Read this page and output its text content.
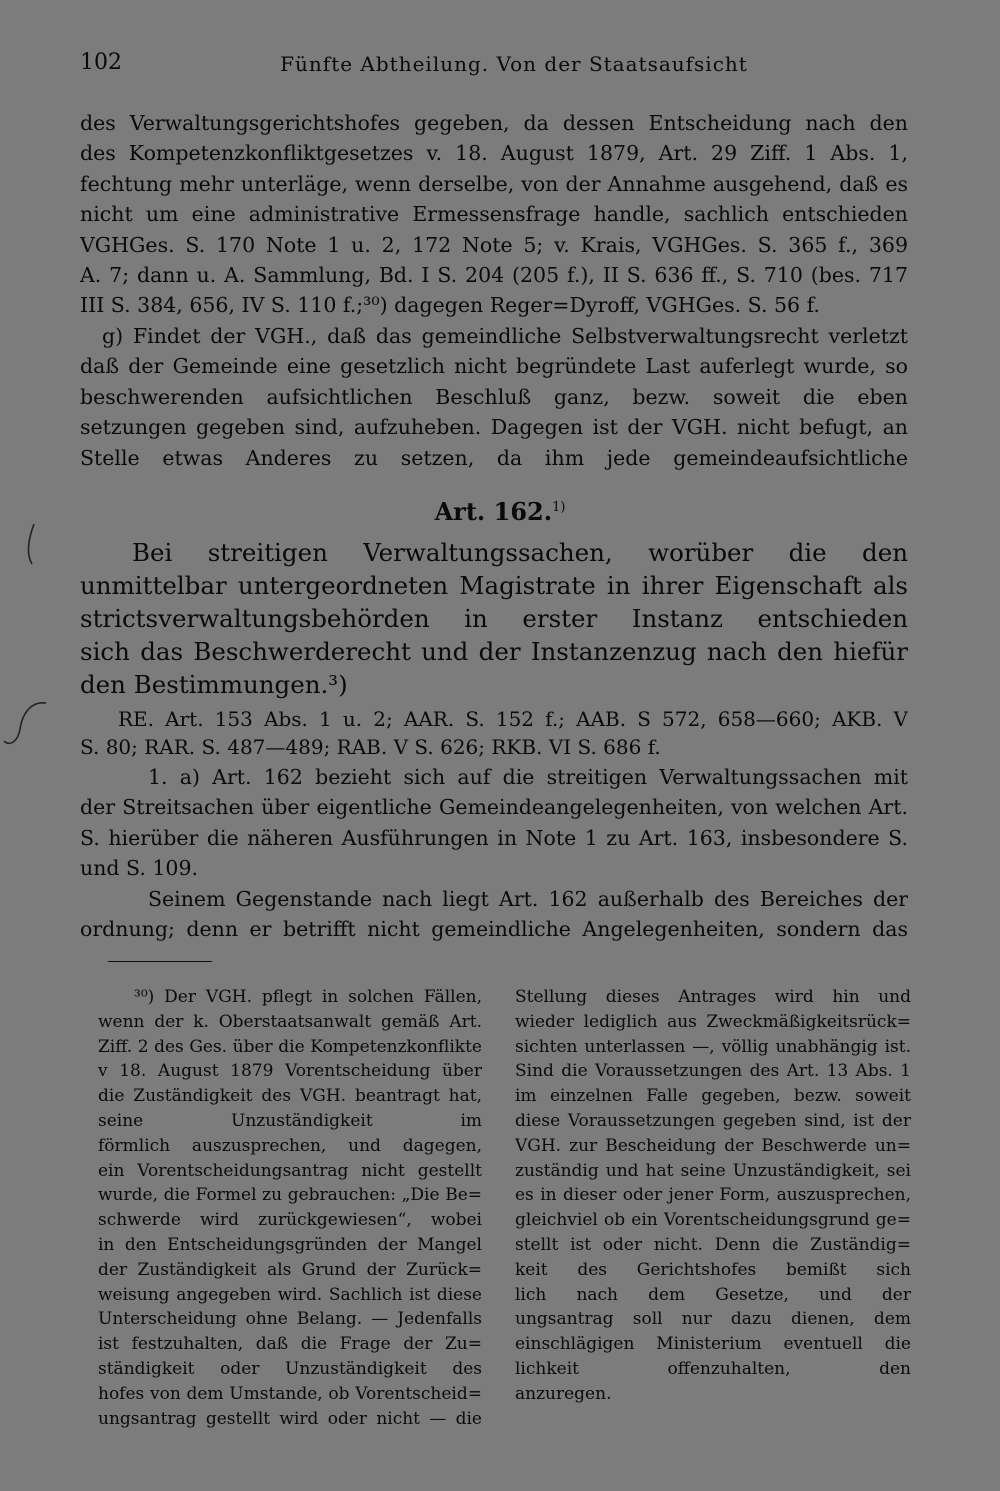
102	Fünfte Abtheilung. Von der Staatsaufsicht
des Verwaltungsgerichtshofes gegeben, da dessen Entscheidung nach den
des Kompetenzkonfliktgesetzes v. 18. August 1879, Art. 29 Ziff. 1 Abs. 1,
fechtung mehr unterläge, wenn derselbe, von der Annahme ausgehend, daß es
nicht um eine administrative Ermessensfrage handle, sachlich entschieden
VGHGes. S. 170 Note 1 u. 2, 172 Note 5; v. Krais, VGHGes. S. 365 f., 369
A. 7; dann u. A. Sammlung, Bd. I S. 204 (205 f.), II S. 636 ff., S. 710 (bes. 717
III S. 384, 656, IV S. 110 f.;³⁰) dagegen Reger=Dyroff, VGHGes. S. 56 f.
g) Findet der VGH., daß das gemeindliche Selbstverwaltungsrecht verletzt
daß der Gemeinde eine gesetzlich nicht begründete Last auferlegt wurde, so
beschwerenden aufsichtlichen Beschluß ganz, bezw. soweit die eben
setzungen gegeben sind, aufzuheben. Dagegen ist der VGH. nicht befugt, an
Stelle etwas Anderes zu setzen, da ihm jede gemeindeaufsichtliche
Art. 162.$^{1)}$
Bei streitigen Verwaltungssachen, worüber die den
unmittelbar untergeordneten Magistrate in ihrer Eigenschaft als
strictsverwaltungsbehörden in erster Instanz entschieden
sich das Beschwerderecht und der Instanzenzug nach den hiefür
den Bestimmungen.³)
RE. Art. 153 Abs. 1 u. 2; AAR. S. 152 f.; AAB. S 572, 658—660; AKB. V
S. 80; RAR. S. 487—489; RAB. V S. 626; RKB. VI S. 686 f.
1. a) Art. 162 bezieht sich auf die streitigen Verwaltungssachen mit
der Streitsachen über eigentliche Gemeindeangelegenheiten, von welchen Art.
S. hierüber die näheren Ausführungen in Note 1 zu Art. 163, insbesondere S.
und S. 109.
Seinem Gegenstande nach liegt Art. 162 außerhalb des Bereiches der
ordnung; denn er betrifft nicht gemeindliche Angelegenheiten, sondern das
³⁰) Der VGH. pflegt in solchen Fällen,
wenn der k. Oberstaatsanwalt gemäß Art.
Ziff. 2 des Ges. über die Kompetenzkonflikte
v 18. August 1879 Vorentscheidung über
die Zuständigkeit des VGH. beantragt hat,
seine Unzuständigkeit im
förmlich auszusprechen, und dagegen,
ein Vorentscheidungsantrag nicht gestellt
wurde, die Formel zu gebrauchen: „Die Be=
schwerde wird zurückgewiesen“, wobei
in den Entscheidungsgründen der Mangel
der Zuständigkeit als Grund der Zurück=
weisung angegeben wird. Sachlich ist diese
Unterscheidung ohne Belang. — Jedenfalls
ist festzuhalten, daß die Frage der Zu=
ständigkeit oder Unzuständigkeit des
hofes von dem Umstande, ob Vorentscheid=
ungsantrag gestellt wird oder nicht — die
Stellung dieses Antrages wird hin und
wieder lediglich aus Zweckmäßigkeitsrück=
sichten unterlassen —, völlig unabhängig ist.
Sind die Voraussetzungen des Art. 13 Abs. 1
im einzelnen Falle gegeben, bezw. soweit
diese Voraussetzungen gegeben sind, ist der
VGH. zur Bescheidung der Beschwerde un=
zuständig und hat seine Unzuständigkeit, sei
es in dieser oder jener Form, auszusprechen,
gleichviel ob ein Vorentscheidungsgrund ge=
stellt ist oder nicht. Denn die Zuständig=
keit des Gerichtshofes bemißt sich
lich nach dem Gesetze, und der
ungsantrag soll nur dazu dienen, dem
einschlägigen Ministerium eventuell die
lichkeit offenzuhalten, den
anzuregen.
